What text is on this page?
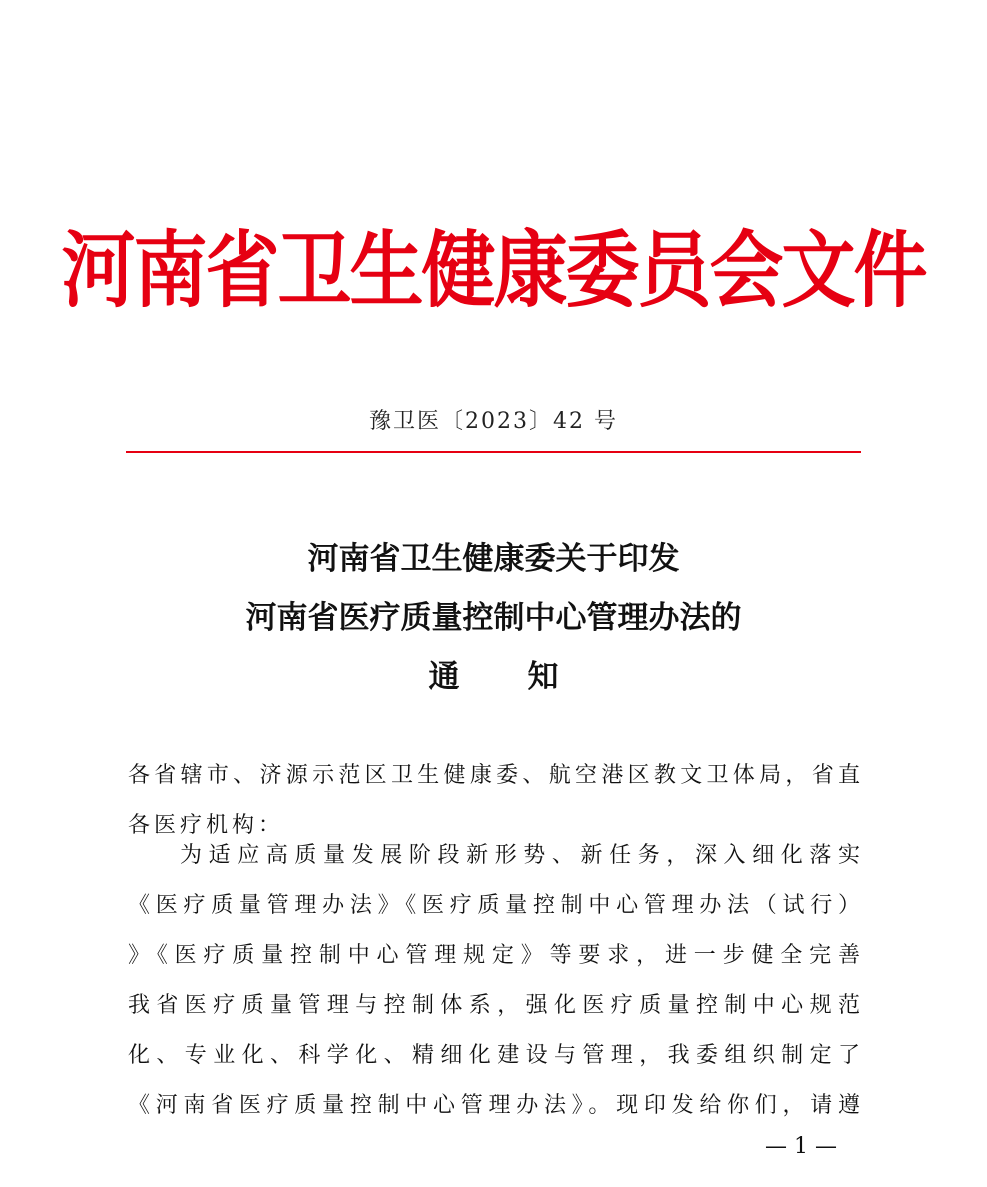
河南省卫生健康委员会文件
豫卫医〔2023〕42 号
河南省卫生健康委关于印发
河南省医疗质量控制中心管理办法的
通 知
各省辖市、济源示范区卫生健康委、航空港区教文卫体局，省直
各医疗机构：
为适应高质量发展阶段新形势、新任务，深入细化落实
《医疗质量管理办法》《医疗质量控制中心管理办法（试行）
》《医疗质量控制中心管理规定》等要求，进一步健全完善
我省医疗质量管理与控制体系，强化医疗质量控制中心规范
化、专业化、科学化、精细化建设与管理，我委组织制定了
《河南省医疗质量控制中心管理办法》。现印发给你们，请遵
— 1 —
